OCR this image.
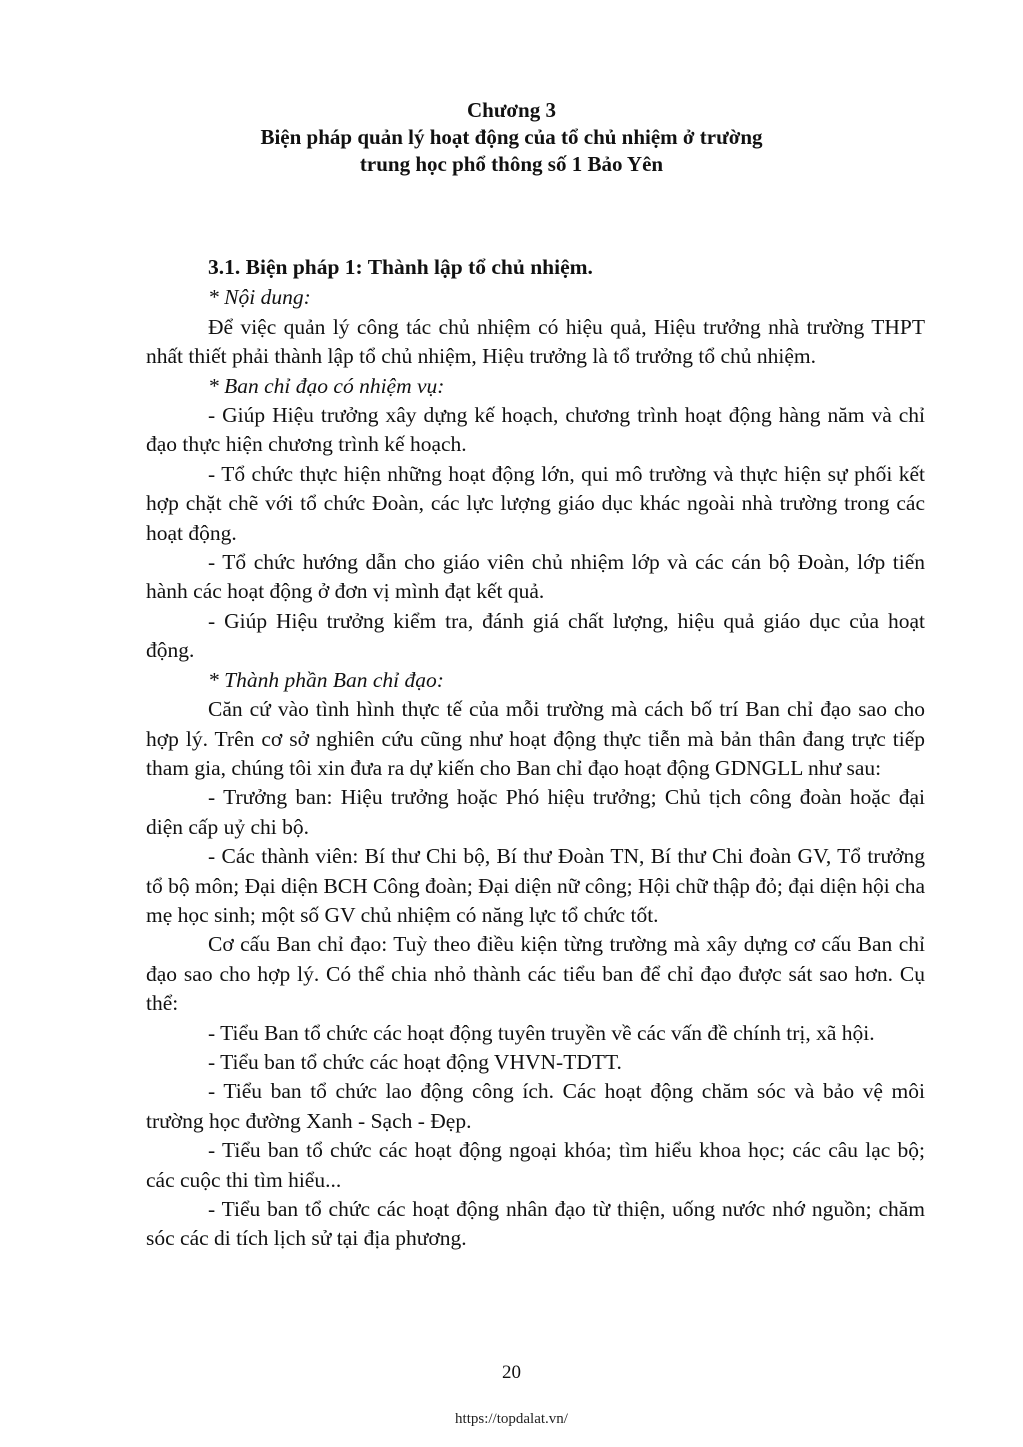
Chương 3
Biện pháp quản lý hoạt động của tổ chủ nhiệm ở trường
trung học phổ thông số 1 Bảo Yên

3.1. Biện pháp 1: Thành lập tổ chủ nhiệm.

* Nội dung:

Để việc quản lý công tác chủ nhiệm có hiệu quả, Hiệu trưởng nhà trường THPT nhất thiết phải thành lập tổ chủ nhiệm, Hiệu trưởng là tổ trưởng tổ chủ nhiệm.

* Ban chỉ đạo có nhiệm vụ:

- Giúp Hiệu trưởng xây dựng kế hoạch, chương trình hoạt động hàng năm và chỉ đạo thực hiện chương trình kế hoạch.

- Tổ chức thực hiện những hoạt động lớn, qui mô trường và thực hiện sự phối kết hợp chặt chẽ với tổ chức Đoàn, các lực lượng giáo dục khác ngoài nhà trường trong các hoạt động.

- Tổ chức hướng dẫn cho giáo viên chủ nhiệm lớp và các cán bộ Đoàn, lớp tiến hành các hoạt động ở đơn vị mình đạt kết quả.

- Giúp Hiệu trưởng kiểm tra, đánh giá chất lượng, hiệu quả giáo dục của hoạt động.

* Thành phần Ban chỉ đạo:

Căn cứ vào tình hình thực tế của mỗi trường mà cách bố trí Ban chỉ đạo sao cho hợp lý. Trên cơ sở nghiên cứu cũng như hoạt động thực tiễn mà bản thân đang trực tiếp tham gia, chúng tôi xin đưa ra dự kiến cho Ban chỉ đạo hoạt động GDNGLL như sau:

- Trưởng ban: Hiệu trưởng hoặc Phó hiệu trưởng; Chủ tịch công đoàn hoặc đại diện cấp uỷ chi bộ.

- Các thành viên: Bí thư Chi bộ, Bí thư Đoàn TN, Bí thư Chi đoàn GV, Tổ trưởng tổ bộ môn; Đại diện BCH Công đoàn; Đại diện nữ công; Hội chữ thập đỏ; đại diện hội cha mẹ học sinh; một số GV chủ nhiệm có năng lực tổ chức tốt.

Cơ cấu Ban chỉ đạo: Tuỳ theo điều kiện từng trường mà xây dựng cơ cấu Ban chỉ đạo sao cho hợp lý. Có thể chia nhỏ thành các tiểu ban để chỉ đạo được sát sao hơn. Cụ thể:

- Tiểu Ban tổ chức các hoạt động tuyên truyền về các vấn đề chính trị, xã hội.

- Tiểu ban tổ chức các hoạt động VHVN-TDTT.

- Tiểu ban tổ chức lao động công ích. Các hoạt động chăm sóc và bảo vệ môi trường học đường Xanh - Sạch - Đẹp.

- Tiểu ban tổ chức các hoạt động ngoại khóa; tìm hiểu khoa học; các câu lạc bộ; các cuộc thi tìm hiểu...

- Tiểu ban tổ chức các hoạt động nhân đạo từ thiện, uống nước nhớ nguồn; chăm sóc các di tích lịch sử tại địa phương.

20
https://topdalat.vn/
